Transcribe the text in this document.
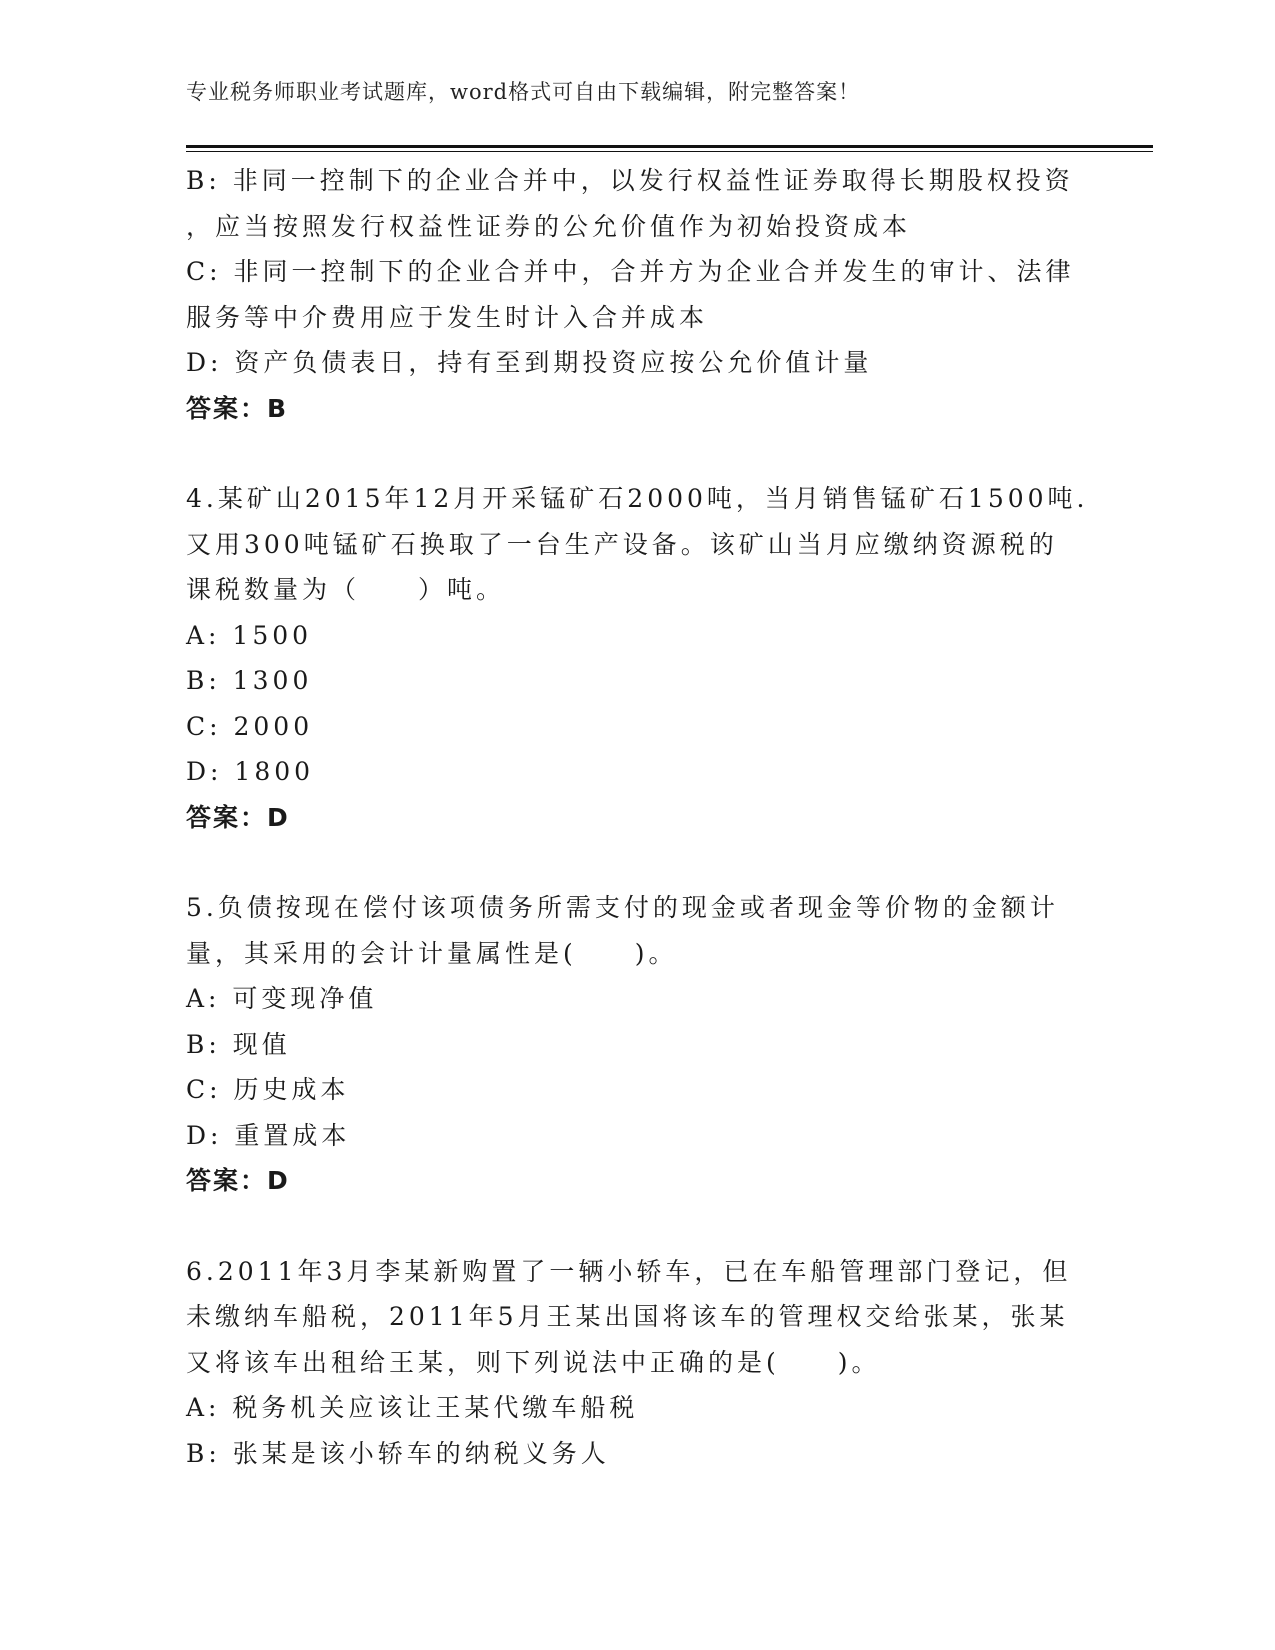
专业税务师职业考试题库，word格式可自由下载编辑，附完整答案！
B: 非同一控制下的企业合并中，以发行权益性证券取得长期股权投资
，应当按照发行权益性证券的公允价值作为初始投资成本
C: 非同一控制下的企业合并中，合并方为企业合并发生的审计、法律
服务等中介费用应于发生时计入合并成本
D: 资产负债表日，持有至到期投资应按公允价值计量
答案：B
4.某矿山2015年12月开采锰矿石2000吨，当月销售锰矿石1500吨.
又用300吨锰矿石换取了一台生产设备。该矿山当月应缴纳资源税的
课税数量为（　　）吨。
A: 1500
B: 1300
C: 2000
D: 1800
答案：D
5.负债按现在偿付该项债务所需支付的现金或者现金等价物的金额计
量，其采用的会计计量属性是(　　)。
A: 可变现净值
B: 现值
C: 历史成本
D: 重置成本
答案：D
6.2011年3月李某新购置了一辆小轿车，已在车船管理部门登记，但
未缴纳车船税，2011年5月王某出国将该车的管理权交给张某，张某
又将该车出租给王某，则下列说法中正确的是(　　)。
A: 税务机关应该让王某代缴车船税
B: 张某是该小轿车的纳税义务人
